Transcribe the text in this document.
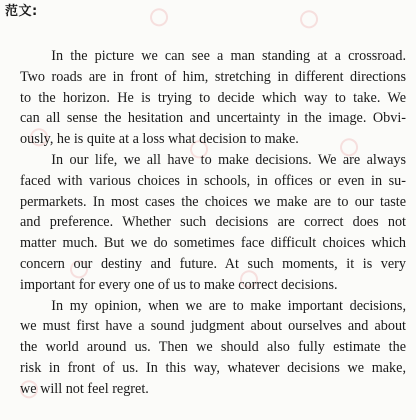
范文:
In the picture we can see a man standing at a crossroad.
Two roads are in front of him, stretching in different directions
to the horizon. He is trying to decide which way to take. We
can all sense the hesitation and uncertainty in the image. Obvi-
ously, he is quite at a loss what decision to make.
In our life, we all have to make decisions. We are always
faced with various choices in schools, in offices or even in su-
permarkets. In most cases the choices we make are to our taste
and preference. Whether such decisions are correct does not
matter much. But we do sometimes face difficult choices which
concern our destiny and future. At such moments, it is very
important for every one of us to make correct decisions.
In my opinion, when we are to make important decisions,
we must first have a sound judgment about ourselves and about
the world around us. Then we should also fully estimate the
risk in front of us. In this way, whatever decisions we make,
we will not feel regret.
